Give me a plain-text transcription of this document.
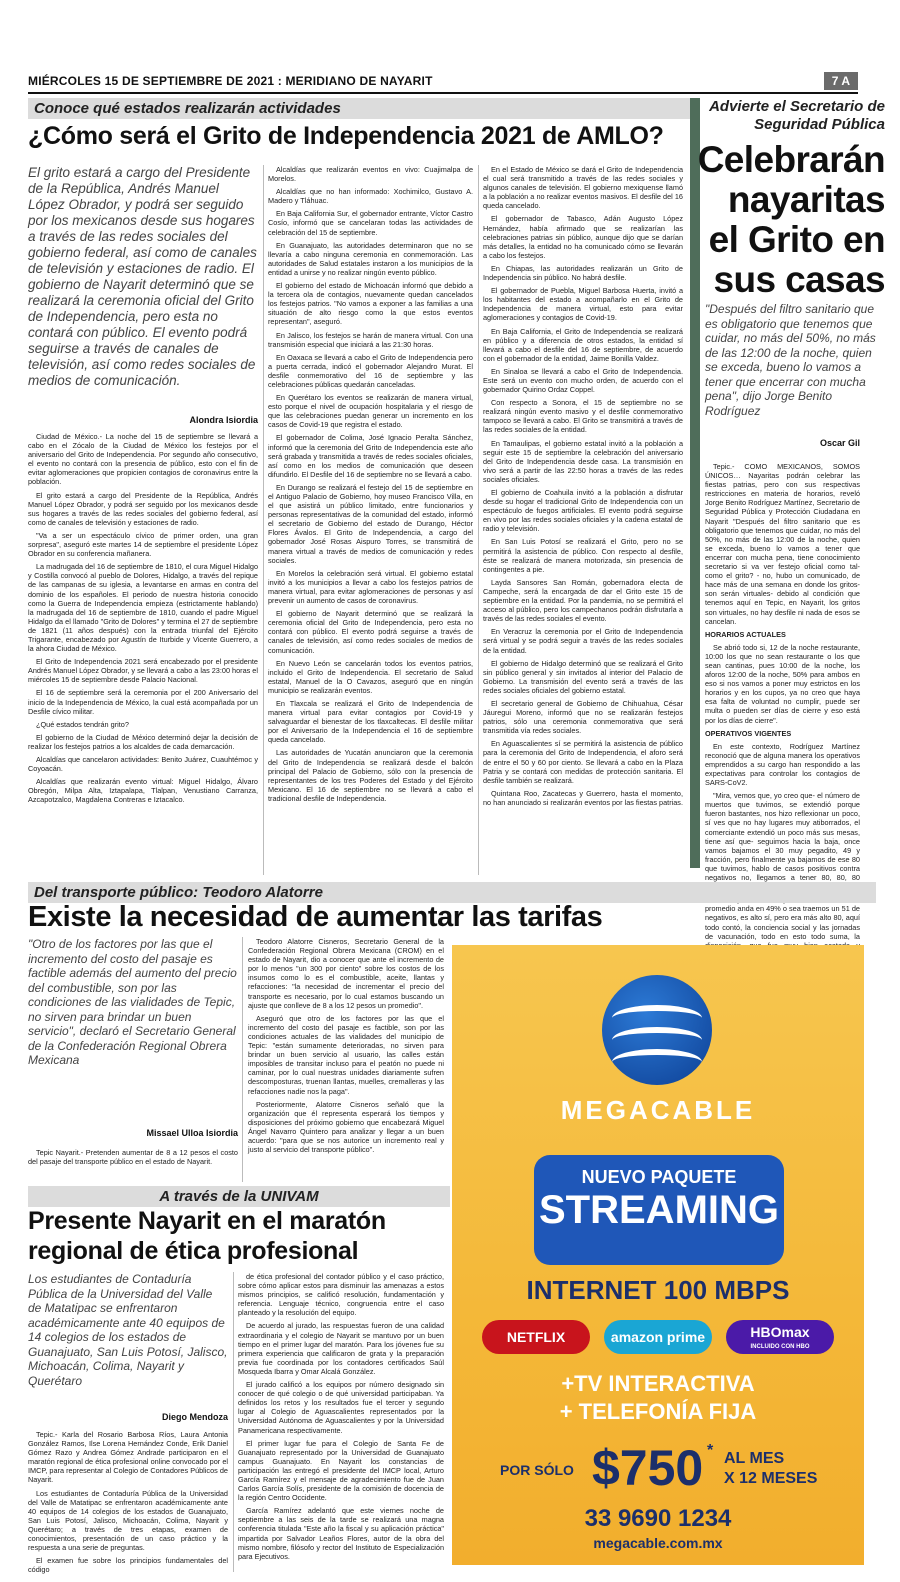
MIÉRCOLES 15 DE SEPTIEMBRE DE 2021 : MERIDIANO DE NAYARIT	7 A
Conoce qué estados realizarán actividades
¿Cómo será el Grito de Independencia 2021 de AMLO?
El grito estará a cargo del Presidente de la República, Andrés Manuel López Obrador, y podrá ser seguido por los mexicanos desde sus hogares a través de las redes sociales del gobierno federal, así como de canales de televisión y estaciones de radio. El gobierno de Nayarit determinó que se realizará la ceremonia oficial del Grito de Independencia, pero esta no contará con público. El evento podrá seguirse a través de canales de televisión, así como redes sociales de medios de comunicación.
Alondra Isiordia

Ciudad de México.- La noche del 15 de septiembre se llevará a cabo en el Zócalo de la Ciudad de México los festejos por el aniversario del Grito de Independencia. Por segundo año consecutivo, el evento no contará con la presencia de público, esto con el fin de evitar aglomeraciones que propicien contagios de coronavirus entre la población.

El grito estará a cargo del Presidente de la República, Andrés Manuel López Obrador, y podrá ser seguido por los mexicanos desde sus hogares a través de las redes sociales del gobierno federal, así como de canales de televisión y estaciones de radio.

"Va a ser un espectáculo cívico de primer orden, una gran sorpresa", aseguró este martes 14 de septiembre el presidente López Obrador en su conferencia mañanera.

La madrugada del 16 de septiembre de 1810, el cura Miguel Hidalgo y Costilla convocó al pueblo de Dolores, Hidalgo, a través del repique de las campanas de su iglesia, a levantarse en armas en contra del dominio de los españoles. El periodo de nuestra historia conocido como la Guerra de Independencia empieza (estrictamente hablando) la madrugada del 16 de septiembre de 1810, cuando el padre Miguel Hidalgo da el llamado "Grito de Dolores" y termina el 27 de septiembre de 1821 (11 años después) con la entrada triunfal del Ejército Trigarante, encabezado por Agustín de Iturbide y Vicente Guerrero, a la ahora Ciudad de México.

El Grito de Independencia 2021 será encabezado por el presidente Andrés Manuel López Obrador, y se llevará a cabo a las 23:00 horas el miércoles 15 de septiembre desde Palacio Nacional.

El 16 de septiembre será la ceremonia por el 200 Aniversario del inicio de la Independencia de México, la cual está acompañada por un Desfile cívico militar.

¿Qué estados tendrán grito?

El gobierno de la Ciudad de México determinó dejar la decisión de realizar los festejos patrios a los alcaldes de cada demarcación.

Alcaldías que cancelaron actividades: Benito Juárez, Cuauhtémoc y Coyoacán.

Alcaldías que realizarán evento virtual: Miguel Hidalgo, Álvaro Obregón, Milpa Alta, Iztapalapa, Tlalpan, Venustiano Carranza, Azcapotzalco, Magdalena Contreras e Iztacalco.

Alcaldías que realizarán eventos en vivo: Cuajimalpa de Morelos.

Alcaldías que no han informado: Xochimilco, Gustavo A. Madero y Tláhuac.

En Baja California Sur, el gobernador entrante, Víctor Castro Cosío, informó que se cancelaran todas las actividades de celebración del 15 de septiembre.

En Guanajuato, las autoridades determinaron que no se llevaría a cabo ninguna ceremonia en conmemoración. Las autoridades de Salud estatales instaron a los municipios de la entidad a unirse y no realizar ningún evento público.

El gobierno del estado de Michoacán informó que debido a la tercera ola de contagios, nuevamente quedan cancelados los festejos patrios. "No vamos a exponer a las familias a una situación de alto riesgo como la que estos eventos representan", aseguró.

En Jalisco, los festejos se harán de manera virtual. Con una transmisión especial que iniciará a las 21:30 horas.

En Oaxaca se llevará a cabo el Grito de Independencia pero a puerta cerrada, indicó el gobernador Alejandro Murat. El desfile conmemorativo del 16 de septiembre y las celebraciones públicas quedarán canceladas.

En Querétaro los eventos se realizarán de manera virtual, esto porque el nivel de ocupación hospitalaria y el riesgo de que las celebraciones puedan generar un incremento en los casos de Covid-19 que registra el estado.

El gobernador de Colima, José Ignacio Peralta Sánchez, informó que la ceremonia del Grito de Independencia este año será grabada y transmitida a través de redes sociales oficiales, así como en los medios de comunicación que deseen difundirlo. El Desfile del 16 de septiembre no se llevará a cabo.

En Durango se realizará el festejo del 15 de septiembre en el Antiguo Palacio de Gobierno, hoy museo Francisco Villa, en el que asistirá un público limitado, entre funcionarios y personas representativas de la comunidad del estado, informó el secretario de Gobierno del estado de Durango, Héctor Flores Ávalos. El Grito de Independencia, a cargo del gobernador José Rosas Aispuro Torres, se transmitirá de manera virtual a través de medios de comunicación y redes sociales.

En Morelos la celebración será virtual. El gobierno estatal invitó a los municipios a llevar a cabo los festejos patrios de manera virtual, para evitar aglomeraciones de personas y así prevenir un aumento de casos de coronavirus.

El gobierno de Nayarit determinó que se realizará la ceremonia oficial del Grito de Independencia, pero esta no contará con público. El evento podrá seguirse a través de canales de televisión, así como redes sociales de medios de comunicación.

En Nuevo León se cancelarán todos los eventos patrios, incluido el Grito de Independencia. El secretario de Salud estatal, Manuel de la O Cavazos, aseguró que en ningún municipio se realizarán eventos.

En Tlaxcala se realizará el Grito de Independencia de manera virtual para evitar contagios por Covid-19 y salvaguardar el bienestar de los tlaxcaltecas. El desfile militar por el Aniversario de la Independencia el 16 de septiembre queda cancelado.

Las autoridades de Yucatán anunciaron que la ceremonia del Grito de Independencia se realizará desde el balcón principal del Palacio de Gobierno, sólo con la presencia de representantes de los tres Poderes del Estado y del Ejército Mexicano. El 16 de septiembre no se llevará a cabo el tradicional desfile de Independencia.

En el Estado de México se dará el Grito de Independencia el cual será transmitido a través de las redes sociales y algunos canales de televisión. El gobierno mexiquense llamó a la población a no realizar eventos masivos. El desfile del 16 queda cancelado.

El gobernador de Tabasco, Adán Augusto López Hernández, había afirmado que se realizarían las celebraciones patrias sin público, aunque dijo que se darían más detalles, la entidad no ha comunicado cómo se llevarán a cabo los festejos.

En Chiapas, las autoridades realizarán un Grito de Independencia sin público. No habrá desfile.

El gobernador de Puebla, Miguel Barbosa Huerta, invitó a los habitantes del estado a acompañarlo en el Grito de Independencia de manera virtual, esto para evitar aglomeraciones y contagios de Covid-19.

En Baja California, el Grito de Independencia se realizará en público y a diferencia de otros estados, la entidad sí llevará a cabo el desfile del 16 de septiembre, de acuerdo con el gobernador de la entidad, Jaime Bonilla Valdez.

En Sinaloa se llevará a cabo el Grito de Independencia. Este será un evento con mucho orden, de acuerdo con el gobernador Quirino Ordaz Coppel.

Con respecto a Sonora, el 15 de septiembre no se realizará ningún evento masivo y el desfile conmemorativo tampoco se llevará a cabo. El Grito se transmitirá a través de las redes sociales de la entidad.

En Tamaulipas, el gobierno estatal invitó a la población a seguir este 15 de septiembre la celebración del aniversario del Grito de Independencia desde casa. La transmisión en vivo será a partir de las 22:50 horas a través de las redes sociales oficiales.

El gobierno de Coahuila invitó a la población a disfrutar desde su hogar el tradicional Grito de Independencia con un espectáculo de fuegos artificiales. El evento podrá seguirse en vivo por las redes sociales oficiales y la cadena estatal de radio y televisión.

En San Luis Potosí se realizará el Grito, pero no se permitirá la asistencia de público. Con respecto al desfile, éste se realizará de manera motorizada, sin presencia de contingentes a pie.

Layda Sansores San Román, gobernadora electa de Campeche, será la encargada de dar el Grito este 15 de septiembre en la entidad. Por la pandemia, no se permitirá el acceso al público, pero los campechanos podrán disfrutarla a través de las redes sociales el evento.

En Veracruz la ceremonia por el Grito de Independencia será virtual y se podrá seguir a través de las redes sociales de la entidad.

El gobierno de Hidalgo determinó que se realizará el Grito sin público general y sin invitados al interior del Palacio de Gobierno. La transmisión del evento será a través de las redes sociales oficiales del gobierno estatal.

El secretario general de Gobierno de Chihuahua, César Jáuregui Moreno, informó que no se realizarán festejos patrios, sólo una ceremonia conmemorativa que será transmitida vía redes sociales.

En Aguascalientes sí se permitirá la asistencia de público para la ceremonia del Grito de Independencia, el aforo será de entre el 50 y 60 por ciento. Se llevará a cabo en la Plaza Patria y se contará con medidas de protección sanitaria. El desfile también se realizará.

Quintana Roo, Zacatecas y Guerrero, hasta el momento, no han anunciado si realizarán eventos por las fiestas patrias.

Advierte el Secretario de Seguridad Pública
Celebrarán
nayaritas
el Grito en
sus casas
"Después del filtro sanitario que es obligatorio que tenemos que cuidar, no más del 50%, no más de las 12:00 de la noche, quien se exceda, bueno lo vamos a tener que encerrar con mucha pena", dijo Jorge Benito Rodríguez
Oscar Gil

Tepic.- COMO MEXICANOS, SOMOS ÚNICOS… Nayaritas podrán celebrar las fiestas patrias, pero con sus respectivas restricciones en materia de horarios, reveló Jorge Benito Rodríguez Martínez, Secretario de Seguridad Pública y Protección Ciudadana en Nayarit "Después del filtro sanitario que es obligatorio que tenemos que cuidar, no más del 50%, no más de las 12:00 de la noche, quien se exceda, bueno lo vamos a tener que encerrar con mucha pena, tiene conocimiento secretario si va ver festejo oficial como tal-como el grito? - no, hubo un comunicado, de hace más de una semana en donde los gritos- son serán virtuales- debido al condición que tenemos aquí en Tepic, en Nayarit, los gritos son virtuales, no hay desfile ni nada de esos se cancelan.

HORARIOS ACTUALES

Se abrió todo si, 12 de la noche restaurante, 10:00 los que no sean restaurante o los que sean cantinas, pues 10:00 de la noche, los aforos 12:00 de la noche, 50% para ambos en eso si nos vamos a poner muy estrictos en los horarios y en los cupos, ya no creo que haya esa falta de voluntad no cumplir, puede ser multa o pueden ser días de cierre y eso está por los días de cierre".

OPERATIVOS VIGENTES

En este contexto, Rodríguez Martínez reconoció que de alguna manera los operativos emprendidos a su cargo han respondido a las expectativas para controlar los contagios de SARS-CoV2.

"Mira, vemos que, yo creo que- el número de muertos que tuvimos, se extendió porque fueron bastantes, nos hizo reflexionar un poco, sí ves que no hay lugares muy atiborrados, el comerciante extendió un poco más sus mesas, tiene así que- seguimos hacia la baja, once vamos bajamos el 30 muy pegadito, 49 y fracción, pero finalmente ya bajamos de ese 80 que tuvimos, hablo de casos positivos contra negativos no, llegamos a tener 80, 80, 80

promedio anda en 49% o sea traemos un 51 de negativos, es alto sí, pero era más alto 80, aquí todo contó, la conciencia social y las jornadas de vacunación, todo en esto todo suma, la

Del transporte público: Teodoro Alatorre
Existe la necesidad de aumentar las tarifas
"Otro de los factores por las que el incremento del costo del pasaje es factible además del aumento del precio del combustible, son por las condiciones de las vialidades de Tepic, no sirven para brindar un buen servicio", declaró el Secretario General de la Confederación Regional Obrera Mexicana
Missael Ulloa Isiordia

Tepic Nayarit.- Pretenden aumentar de 8 a 12 pesos el costo del pasaje del transporte público en el estado de Nayarit.

Teodoro Alatorre Cisneros, Secretario General de la Confederación Regional Obrera Mexicana (CROM) en el estado de Nayarit, dio a conocer que ante el incremento de por lo menos "un 300 por ciento" sobre los costos de los insumos como lo es el combustible, aceite, llantas y refacciones: "la necesidad de incrementar el precio del transporte es necesario, por lo cual estamos buscando un ajuste que conlleve de 8 a los 12 pesos un promedio".

Aseguró que otro de los factores por las que el incremento del costo del pasaje es factible, son por las condiciones actuales de las vialidades del municipio de Tepic: "están sumamente deterioradas, no sirven para brindar un buen servicio al usuario, las calles están imposibles de transitar incluso para el peatón no puede ni caminar, por lo cual nuestras unidades diariamente sufren descomposturas, truenan llantas, muelles, cremalleras y las refacciones nadie nos la paga".

Posteriormente, Alatorre Cisneros señaló que la organización que él representa esperará los tiempos y disposiciones del próximo gobierno que encabezará Miguel Ángel Navarro Quintero para analizar y llegar a un buen acuerdo: "para que se nos autorice un incremento real y justo al servicio del transporte público".

A través de la UNIVAM
Presente Nayarit en el maratón
regional de ética profesional
Los estudiantes de Contaduría Pública de la Universidad del Valle de Matatipac se enfrentaron académicamente ante 40 equipos de 14 colegios de los estados de Guanajuato, San Luis Potosí, Jalisco, Michoacán, Colima, Nayarit y Querétaro
Diego Mendoza

Tepic.- Karla del Rosario Barbosa Ríos, Laura Antonia González Ramos, Ilse Lorena Hernández Conde, Erik Daniel Gómez Razo y Andrea Gómez Andrade participaron en el maratón regional de ética profesional online convocado por el IMCP, para representar al Colegio de Contadores Públicos de Nayarit.

Los estudiantes de Contaduría Pública de la Universidad del Valle de Matatipac se enfrentaron académicamente ante 40 equipos de 14 colegios de los estados de Guanajuato, San Luis Potosí, Jalisco, Michoacán, Colima, Nayarit y Querétaro; a través de tres etapas, examen de conocimientos, presentación de un caso práctico y la respuesta a una serie de preguntas.

El examen fue sobre los principios fundamentales del código

de ética profesional del contador público y el caso práctico, sobre cómo aplicar estos para disminuir las amenazas a estos mismos principios, se calificó resolución, fundamentación y referencia. Lenguaje técnico, congruencia entre el caso planteado y la resolución del equipo.

De acuerdo al jurado, las respuestas fueron de una calidad extraordinaria y el colegio de Nayarit se mantuvo por un buen tiempo en el primer lugar del maratón. Para los jóvenes fue su primera experiencia que calificaron de grata y la preparación previa fue coordinada por los contadores certificados Saúl Mosqueda Ibarra y Omar Alcalá González.

El jurado calificó a los equipos por número designado sin conocer de qué colegio o de qué universidad participaban. Ya definidos los retos y los resultados fue el tercer y segundo lugar al Colegio de Aguascalientes representados por la Universidad Autónoma de Aguascalientes y por la Universidad Panamericana respectivamente.

El primer lugar fue para el Colegio de Santa Fe de Guanajuato representado por la Universidad de Guanajuato campus Guanajuato. En Nayarit los constancias de participación las entregó el presidente del IMCP local, Arturo García Ramírez y el mensaje de agradecimiento fue de Juan Carlos García Solís, presidente de la comisión de docencia de la región Centro Occidente.

García Ramírez adelantó que este viernes noche de septiembre a las seis de la tarde se realizará una magna conferencia titulada "Este año la fiscal y su aplicación práctica" impartida por Salvador Leaños Flores, autor de la obra del mismo nombre, filósofo y rector del Instituto de Especialización para Ejecutivos.

MEGACABLE
NUEVO PAQUETE
STREAMING
INTERNET 100 MBPS
NETFLIX	amazon prime	HBOmax
INCLUIDO CON HBO
+TV INTERACTIVA
+ TELEFONÍA FIJA
POR SÓLO $750 * AL MES
X 12 MESES
33 9690 1234
megacable.com.mx
